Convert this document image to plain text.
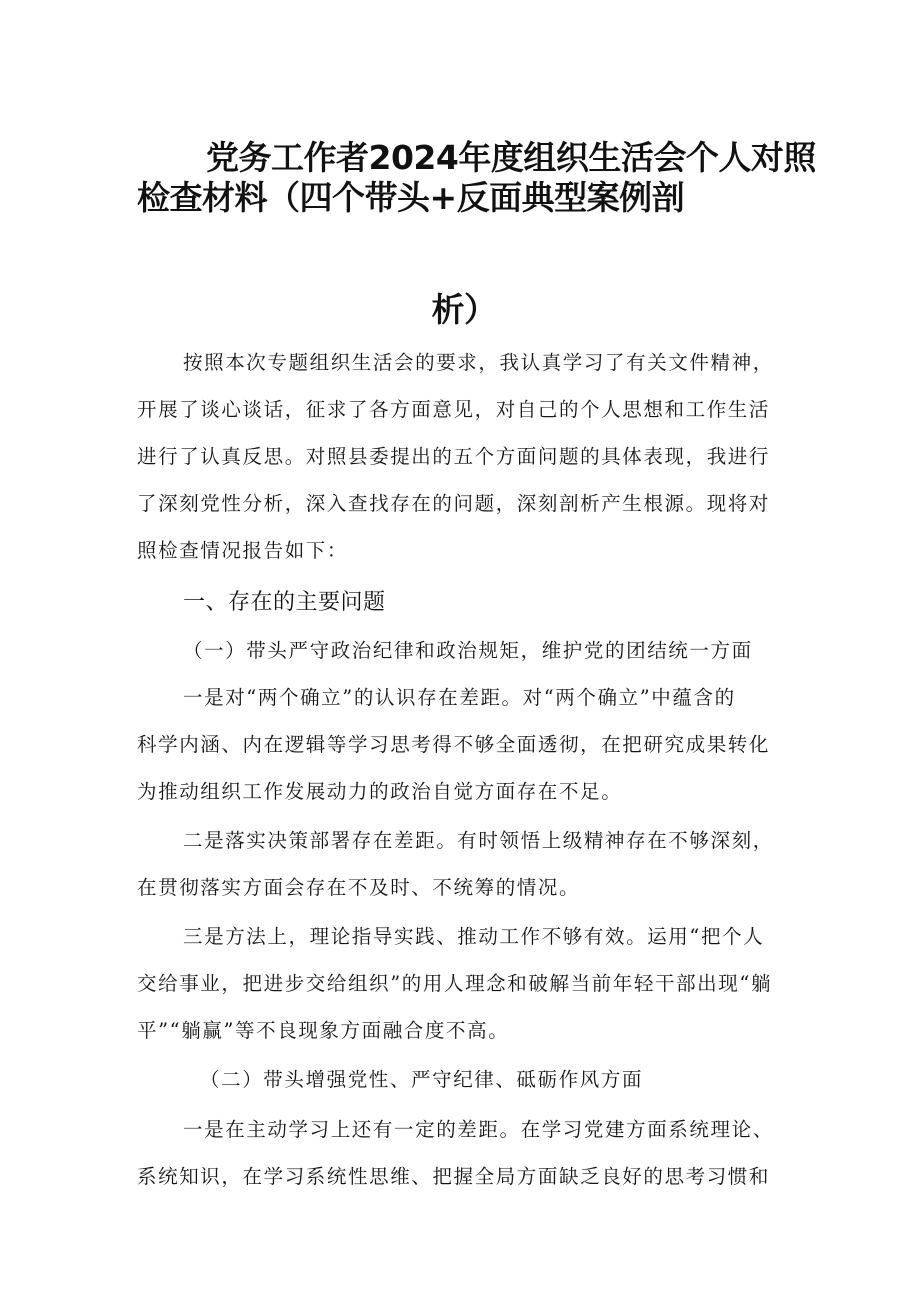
党务工作者2024年度组织生活会个人对照
检查材料（四个带头+反面典型案例剖
析）
按照本次专题组织生活会的要求，我认真学习了有关文件精神，
开展了谈心谈话，征求了各方面意见，对自己的个人思想和工作生活
进行了认真反思。对照县委提出的五个方面问题的具体表现，我进行
了深刻党性分析，深入查找存在的问题，深刻剖析产生根源。现将对
照检查情况报告如下：
一、存在的主要问题
（一）带头严守政治纪律和政治规矩，维护党的团结统一方面
一是对“两个确立”的认识存在差距。对“两个确立”中蕴含的
科学内涵、内在逻辑等学习思考得不够全面透彻，在把研究成果转化
为推动组织工作发展动力的政治自觉方面存在不足。
二是落实决策部署存在差距。有时领悟上级精神存在不够深刻，
在贯彻落实方面会存在不及时、不统筹的情况。
三是方法上，理论指导实践、推动工作不够有效。运用“把个人
交给事业，把进步交给组织”的用人理念和破解当前年轻干部出现“躺
平”“躺赢”等不良现象方面融合度不高。
（二）带头增强党性、严守纪律、砥砺作风方面
一是在主动学习上还有一定的差距。在学习党建方面系统理论、
系统知识，在学习系统性思维、把握全局方面缺乏良好的思考习惯和
